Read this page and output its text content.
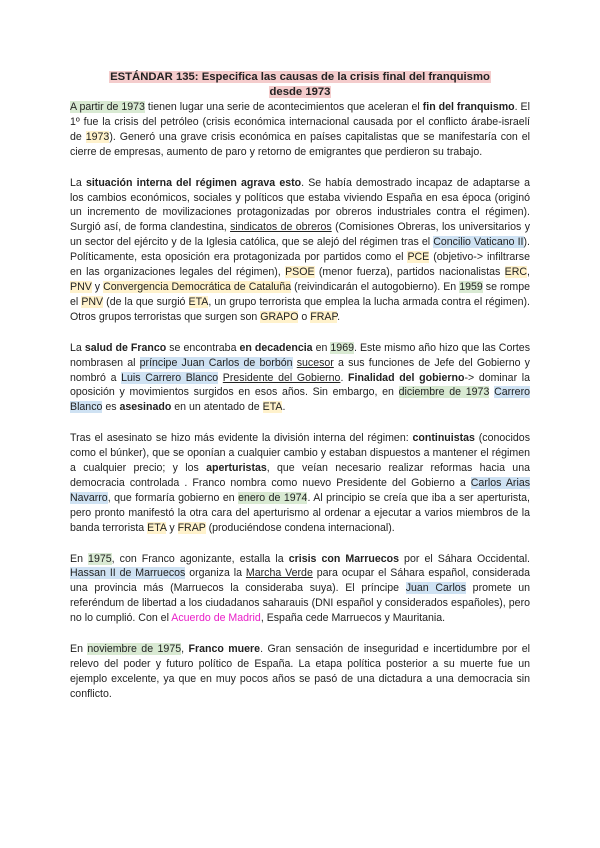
ESTÁNDAR 135: Especifica las causas de la crisis final del franquismo
desde 1973

A partir de 1973 tienen lugar una serie de acontecimientos que aceleran el fin del franquismo. El 1º fue la crisis del petróleo (crisis económica internacional causada por el conflicto árabe-israelí de 1973). Generó una grave crisis económica en países capitalistas que se manifestaría con el cierre de empresas, aumento de paro y retorno de emigrantes que perdieron su trabajo.

La situación interna del régimen agrava esto. Se había demostrado incapaz de adaptarse a los cambios económicos, sociales y políticos que estaba viviendo España en esa época (originó un incremento de movilizaciones protagonizadas por obreros industriales contra el régimen). Surgió así, de forma clandestina, sindicatos de obreros (Comisiones Obreras, los universitarios y un sector del ejército y de la Iglesia católica, que se alejó del régimen tras el Concilio Vaticano II). Políticamente, esta oposición era protagonizada por partidos como el PCE (objetivo-> infiltrarse en las organizaciones legales del régimen), PSOE (menor fuerza), partidos nacionalistas ERC, PNV y Convergencia Democrática de Cataluña (reivindicarán el autogobierno). En 1959 se rompe el PNV (de la que surgió ETA, un grupo terrorista que emplea la lucha armada contra el régimen). Otros grupos terroristas que surgen son GRAPO o FRAP.

La salud de Franco se encontraba en decadencia en 1969. Este mismo año hizo que las Cortes nombrasen al príncipe Juan Carlos de borbón sucesor a sus funciones de Jefe del Gobierno y nombró a Luis Carrero Blanco Presidente del Gobierno. Finalidad del gobierno-> dominar la oposición y movimientos surgidos en esos años. Sin embargo, en diciembre de 1973 Carrero Blanco es asesinado en un atentado de ETA.

Tras el asesinato se hizo más evidente la división interna del régimen: continuistas (conocidos como el búnker), que se oponían a cualquier cambio y estaban dispuestos a mantener el régimen a cualquier precio; y los aperturistas, que veían necesario realizar reformas hacia una democracia controlada . Franco nombra como nuevo Presidente del Gobierno a Carlos Arias Navarro, que formaría gobierno en enero de 1974. Al principio se creía que iba a ser aperturista, pero pronto manifestó la otra cara del aperturismo al ordenar a ejecutar a varios miembros de la banda terrorista ETA y FRAP (produciéndose condena internacional).

En 1975, con Franco agonizante, estalla la crisis con Marruecos por el Sáhara Occidental. Hassan II de Marruecos organiza la Marcha Verde para ocupar el Sáhara español, considerada una provincia más (Marruecos la consideraba suya). El príncipe Juan Carlos promete un referéndum de libertad a los ciudadanos saharauis (DNI español y considerados españoles), pero no lo cumplió. Con el Acuerdo de Madrid, España cede Marruecos y Mauritania.

En noviembre de 1975, Franco muere. Gran sensación de inseguridad e incertidumbre por el relevo del poder y futuro político de España. La etapa política posterior a su muerte fue un ejemplo excelente, ya que en muy pocos años se pasó de una dictadura a una democracia sin conflicto.
